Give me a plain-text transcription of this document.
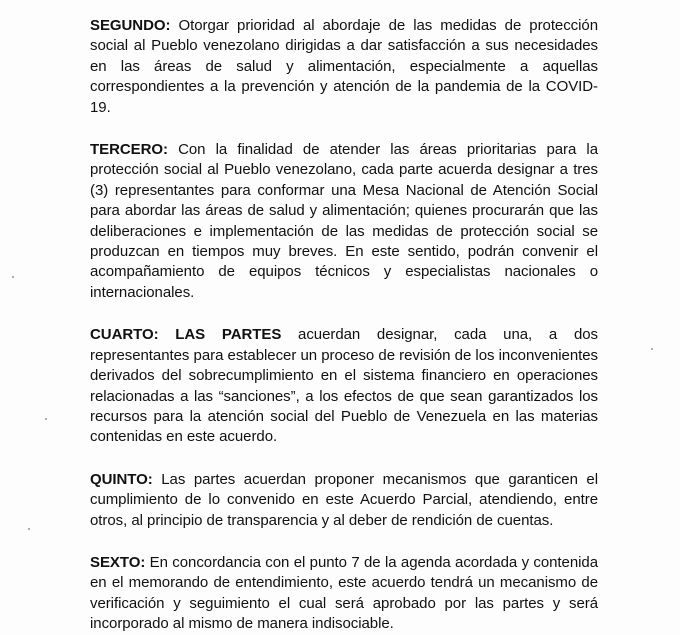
SEGUNDO: Otorgar prioridad al abordaje de las medidas de protección social al Pueblo venezolano dirigidas a dar satisfacción a sus necesidades en las áreas de salud y alimentación, especialmente a aquellas correspondientes a la prevención y atención de la pandemia de la COVID-19.

TERCERO: Con la finalidad de atender las áreas prioritarias para la protección social al Pueblo venezolano, cada parte acuerda designar a tres (3) representantes para conformar una Mesa Nacional de Atención Social para abordar las áreas de salud y alimentación; quienes procurarán que las deliberaciones e implementación de las medidas de protección social se produzcan en tiempos muy breves. En este sentido, podrán convenir el acompañamiento de equipos técnicos y especialistas nacionales o internacionales.

CUARTO: LAS PARTES acuerdan designar, cada una, a dos representantes para establecer un proceso de revisión de los inconvenientes derivados del sobrecumplimiento en el sistema financiero en operaciones relacionadas a las “sanciones”, a los efectos de que sean garantizados los recursos para la atención social del Pueblo de Venezuela en las materias contenidas en este acuerdo.

QUINTO: Las partes acuerdan proponer mecanismos que garanticen el cumplimiento de lo convenido en este Acuerdo Parcial, atendiendo, entre otros, al principio de transparencia y al deber de rendición de cuentas.

SEXTO: En concordancia con el punto 7 de la agenda acordada y contenida en el memorando de entendimiento, este acuerdo tendrá un mecanismo de verificación y seguimiento el cual será aprobado por las partes y será incorporado al mismo de manera indisociable.
